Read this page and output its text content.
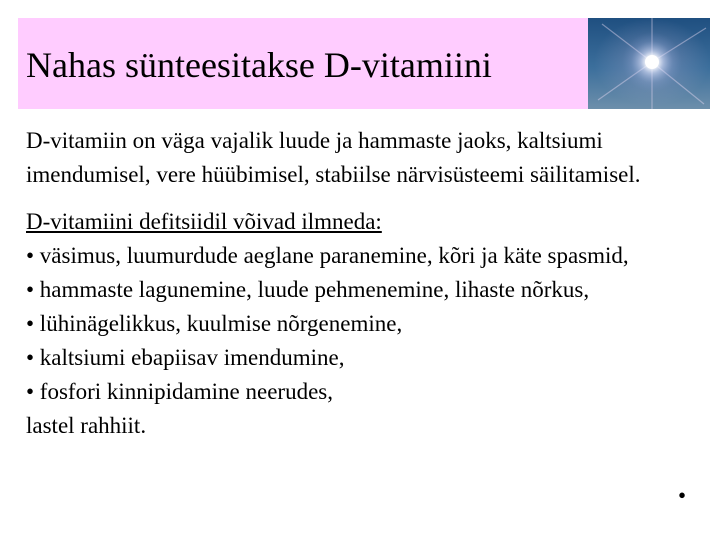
Nahas sünteesitakse D-vitamiini

D-vitamiin on väga vajalik luude ja hammaste jaoks, kaltsiumi imendumisel, vere hüübimisel, stabiilse närvisüsteemi säilitamisel.

D-vitamiini defitsiidil võivad ilmneda:

• väsimus, luumurdude aeglane paranemine, kõri ja käte spasmid,
• hammaste lagunemine, luude pehmenemine, lihaste nõrkus,
• lühinägelikkus, kuulmise nõrgenemine,
• kaltsiumi ebapiisav imendumine,
• fosfori kinnipidamine neerudes,

lastel rahhiit.

•
